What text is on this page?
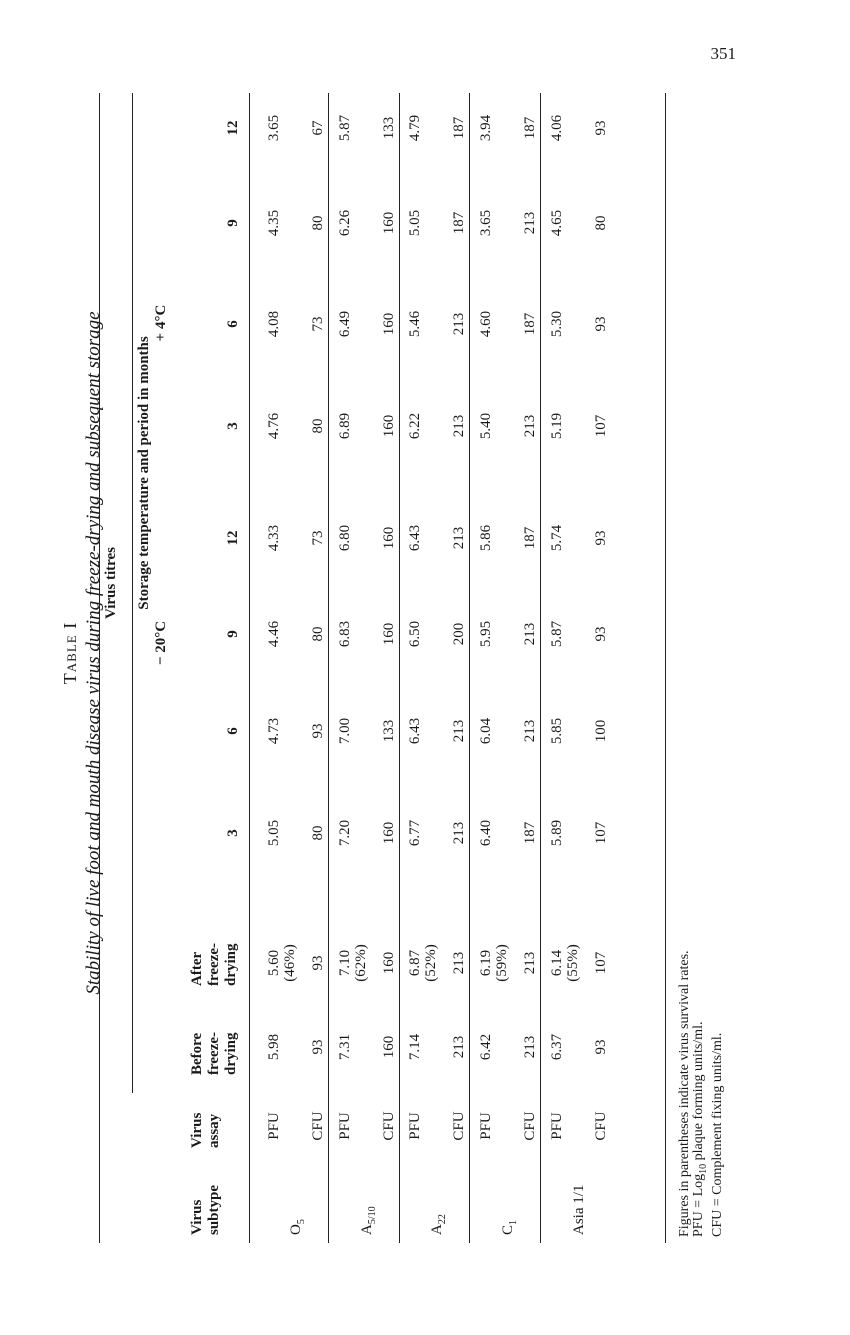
351
Table I Stability of live foot and mouth disease virus during freeze-drying and subsequent storage Virus titres Storage temperature and period in months
− 20°C
+ 4°C
Virus subtype
Virus assay
Before freeze- drying
After freeze- drying
3
6
9
12
3
6
9
12
$O_5$
PFU
5.98
5.60 (46%)
5.05
4.76
4.73
4.08
4.46
4.35
4.33
3.65
CFU
93
93
80
80
93
73
80
80
73
67
$A_{5/10}$
PFU
7.31
7.10 (62%)
7.20
6.89
7.00
6.49
6.83
6.26
6.80
5.87
CFU
160
160
160
160
133
160
160
160
160
133
$A_{22}$
PFU
7.14
6.87 (52%)
6.77
6.22
6.43
5.46
6.50
5.05
6.43
4.79
CFU
213
213
213
213
213
213
200
187
213
187
$C_1$
PFU
6.42
6.19 (59%)
6.40
5.40
6.04
4.60
5.95
3.65
5.86
3.94
CFU
213
213
187
213
213
187
213
213
187
187
Asia 1/1
PFU
6.37
6.14 (55%)
5.89
5.19
5.85
5.30
5.87
4.65
5.74
4.06
CFU
93
107
107
107
100
93
93
80
93
93
Figures in parentheses indicate virus survival rates. PFU = Log$_{10}$ plaque forming units/ml. CFU = Complement fixing units/ml.
